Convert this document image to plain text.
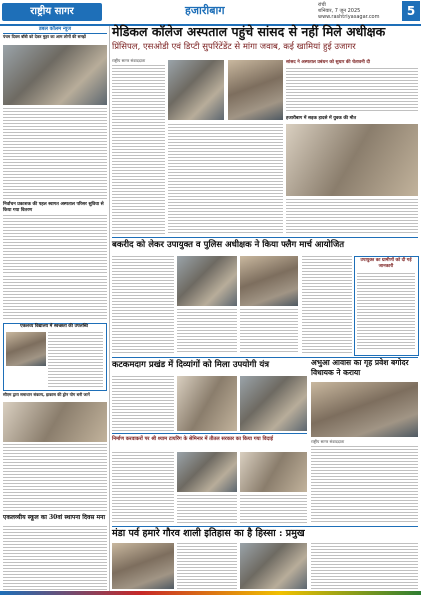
राष्ट्रीय सागर	हजारीबाग	रांची
शनिवार, 7 जून 2025
www.rashtriyasagar.com	5
डबल कॉलम न्यूज
पंचम दिवस बॉबी को देकर मुहर का आम लोगों की समझें
निर्वाचन प्रकाशक की पहल स्वागत अस्पताल परिसर सुविधा से किया गया वितरण
एकलव्य विद्यालय में स्वच्छता की उपलब्धि
सीएम द्वारा समाधान संकल्प, झकास की ड्रोन योग बनी जानें
एकलव्यीय स्कूल का 30वां स्थापना दिवस मना
मेडिकल कॉलेज अस्पताल पहुंचे सांसद से नहीं मिले अधीक्षक
प्रिंसिपल, एसओडी एवं डिप्टी सुपरिंटेंडेंट से मांगा जवाब, कई खामियां हुई उजागर
राष्ट्रीय सागर संवाददाता	सांसद ने अस्पताल प्रबंधन को सुधार की चेतावनी दी
हजारीबाग में सड़क हादसे में युवक की मौत
बकरीद को लेकर उपायुक्त व पुलिस अधीक्षक ने किया फ्लैग मार्च आयोजित
उपायुक्त का ग्रामीणों को दी गई जानकारी
कटकमदाग प्रखंड में दिव्यांगों को मिला उपयोगी यंत्र	अभुआ आवास का गृह प्रवेश बगोदर विधायक ने कराया
राष्ट्रीय सागर संवाददाता
निर्माण करवाकरों पर श्री श्याम टायरिंग के सेमिनार में तीतल सरकार का किया गया विदाई
मंडा पर्व हमारे गौरव शाली इतिहास का है हिस्सा : प्रमुख
